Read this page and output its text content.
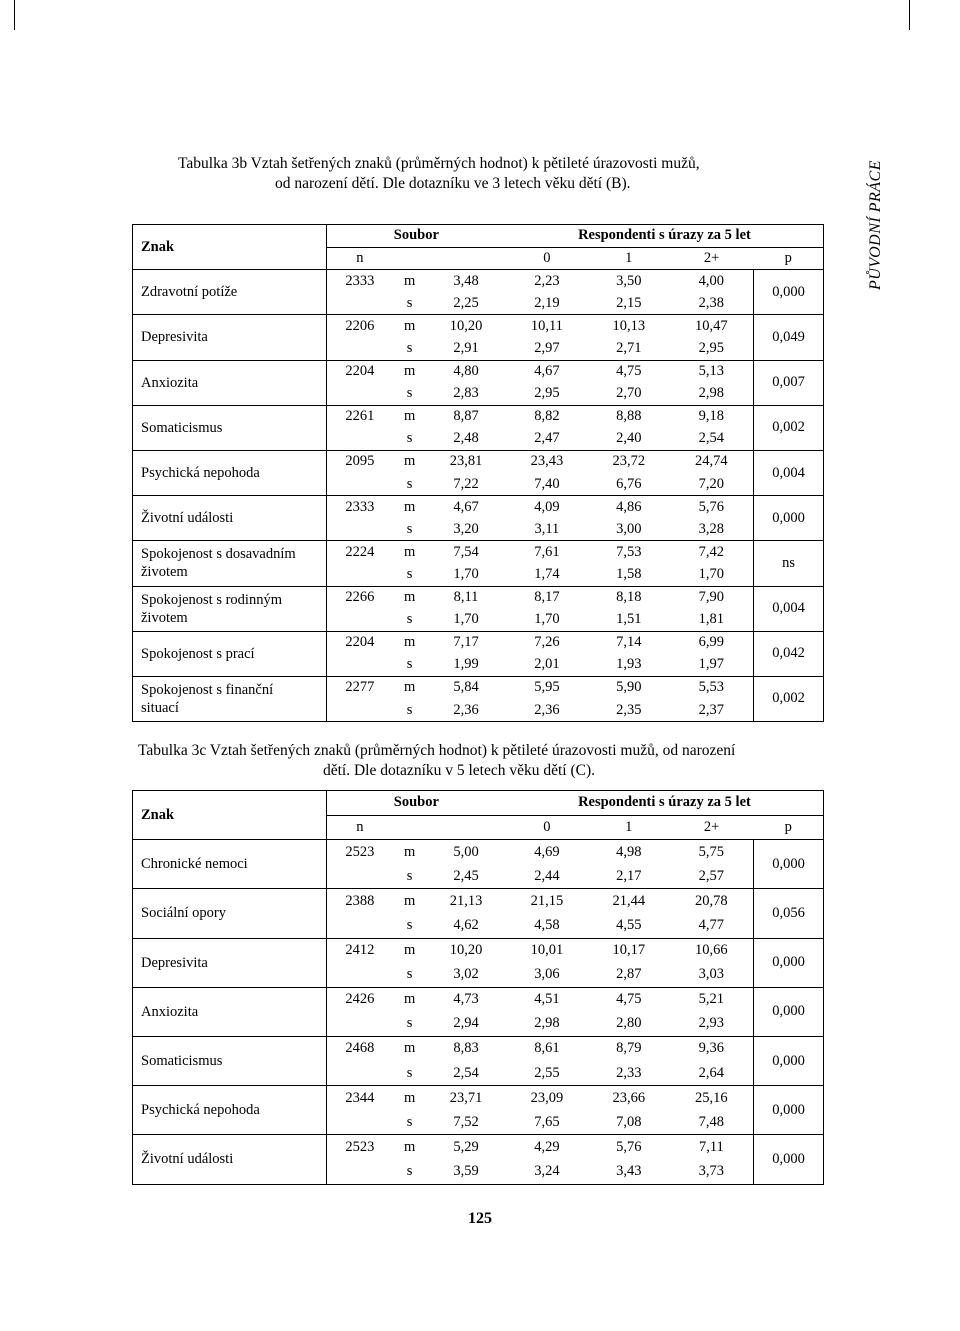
PŮVODNÍ PRÁCE

Tabulka 3b Vztah šetřených znaků (průměrných hodnot) k pětileté úrazovosti mužů,

od narození dětí. Dle dotazníku ve 3 letech věku dětí (B).

Znak	Soubor			Respondenti s úrazy za 5 let			
	n			0	1	2+	p
Zdravotní potíže	2333	m	3,48	2,23	3,50	4,00	0,000
		s	2,25	2,19	2,15	2,38	
Depresivita	2206	m	10,20	10,11	10,13	10,47	0,049
		s	2,91	2,97	2,71	2,95	
Anxiozita	2204	m	4,80	4,67	4,75	5,13	0,007
		s	2,83	2,95	2,70	2,98	
Somaticismus	2261	m	8,87	8,82	8,88	9,18	0,002
		s	2,48	2,47	2,40	2,54	
Psychická nepohoda	2095	m	23,81	23,43	23,72	24,74	0,004
		s	7,22	7,40	6,76	7,20	
Životní události	2333	m	4,67	4,09	4,86	5,76	0,000
		s	3,20	3,11	3,00	3,28	
Spokojenost s dosavadním
životem	2224	m	7,54	7,61	7,53	7,42	ns
		s	1,70	1,74	1,58	1,70	
Spokojenost s rodinným
životem	2266	m	8,11	8,17	8,18	7,90	0,004
		s	1,70	1,70	1,51	1,81	
Spokojenost s prací	2204	m	7,17	7,26	7,14	6,99	0,042
		s	1,99	2,01	1,93	1,97	
Spokojenost s finanční
situací	2277	m	5,84	5,95	5,90	5,53	0,002
		s	2,36	2,36	2,35	2,37	

Tabulka 3c Vztah šetřených znaků (průměrných hodnot) k pětileté úrazovosti mužů, od narození

dětí. Dle dotazníku v 5 letech věku dětí (C).

Znak	Soubor			Respondenti s úrazy za 5 let			
	n			0	1	2+	p
Chronické nemoci	2523	m	5,00	4,69	4,98	5,75	0,000
		s	2,45	2,44	2,17	2,57	
Sociální opory	2388	m	21,13	21,15	21,44	20,78	0,056
		s	4,62	4,58	4,55	4,77	
Depresivita	2412	m	10,20	10,01	10,17	10,66	0,000
		s	3,02	3,06	2,87	3,03	
Anxiozita	2426	m	4,73	4,51	4,75	5,21	0,000
		s	2,94	2,98	2,80	2,93	
Somaticismus	2468	m	8,83	8,61	8,79	9,36	0,000
		s	2,54	2,55	2,33	2,64	
Psychická nepohoda	2344	m	23,71	23,09	23,66	25,16	0,000
		s	7,52	7,65	7,08	7,48	
Životní události	2523	m	5,29	4,29	5,76	7,11	0,000
		s	3,59	3,24	3,43	3,73	
125
